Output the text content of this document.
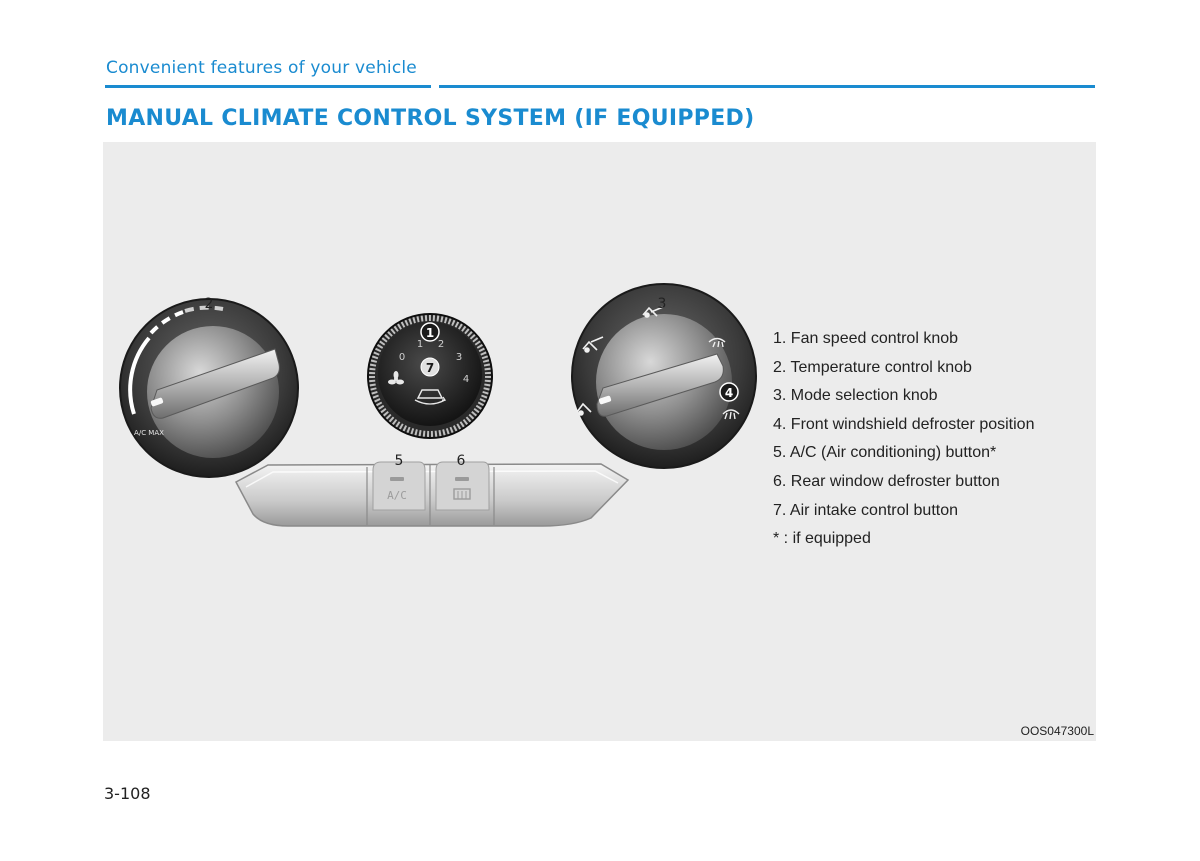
Convenient features of your vehicle
MANUAL CLIMATE CONTROL SYSTEM (IF EQUIPPED)
A/C
A/C MAX
0
1 2
3
4
1
2	3
4
5	6
7
1. Fan speed control knob
2. Temperature control knob
3. Mode selection knob
4. Front windshield defroster position
5. A/C (Air conditioning) button*
6. Rear window defroster button
7. Air intake control button
* : if equipped
OOS047300L
3-108
